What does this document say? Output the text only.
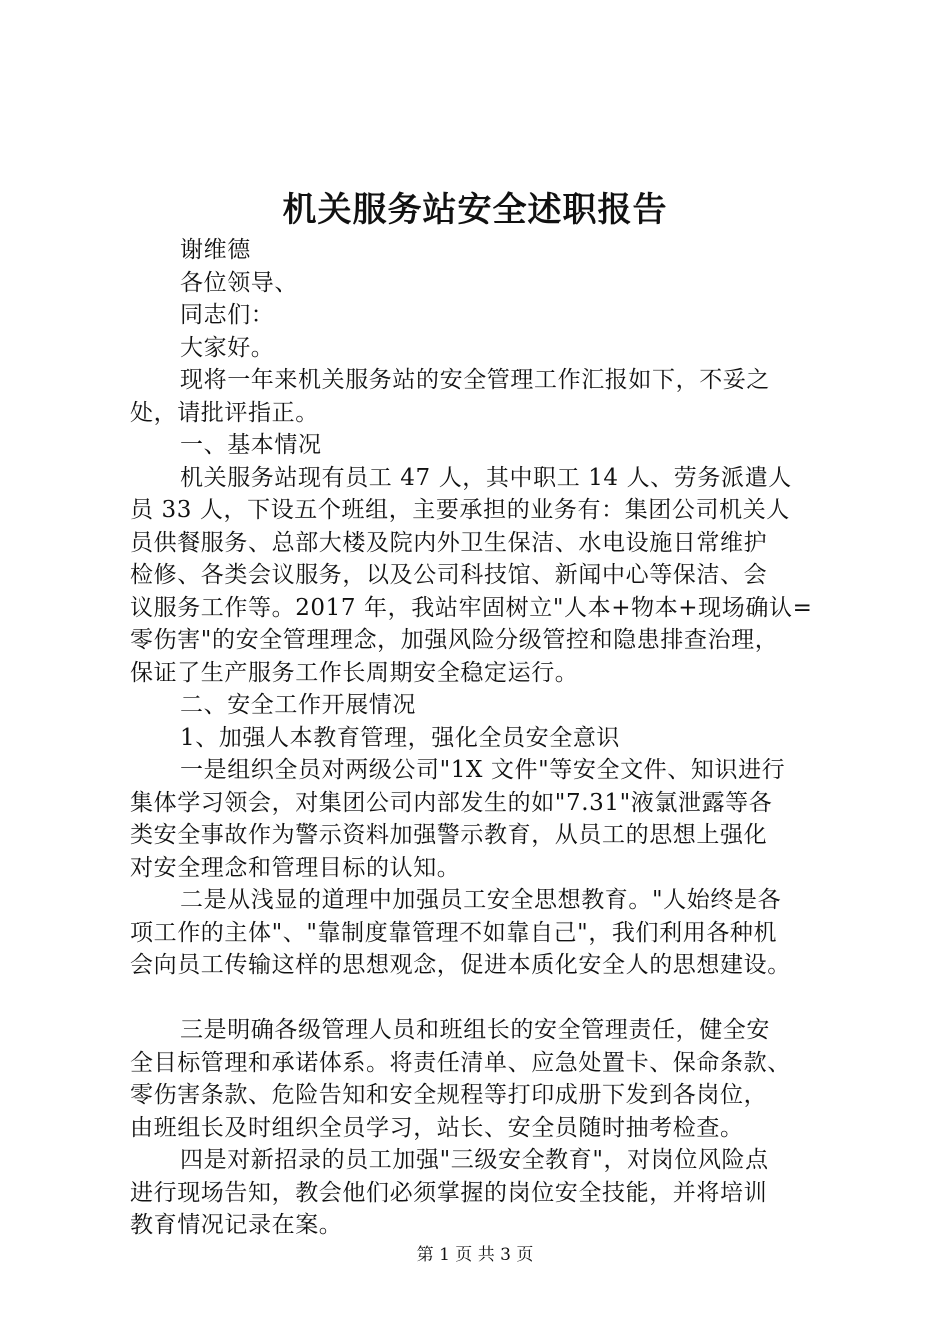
机关服务站安全述职报告
谢维德
各位领导、
同志们：
大家好。
现将一年来机关服务站的安全管理工作汇报如下，不妥之
处，请批评指正。
一、基本情况
机关服务站现有员工 47 人，其中职工 14 人、劳务派遣人
员 33 人，下设五个班组，主要承担的业务有：集团公司机关人
员供餐服务、总部大楼及院内外卫生保洁、水电设施日常维护
检修、各类会议服务，以及公司科技馆、新闻中心等保洁、会
议服务工作等。2017 年，我站牢固树立"人本+物本+现场确认=
零伤害"的安全管理理念，加强风险分级管控和隐患排查治理，
保证了生产服务工作长周期安全稳定运行。
二、安全工作开展情况
1、加强人本教育管理，强化全员安全意识
一是组织全员对两级公司"1X 文件"等安全文件、知识进行
集体学习领会，对集团公司内部发生的如"7.31"液氯泄露等各
类安全事故作为警示资料加强警示教育，从员工的思想上强化
对安全理念和管理目标的认知。
二是从浅显的道理中加强员工安全思想教育。"人始终是各
项工作的主体"、"靠制度靠管理不如靠自己"，我们利用各种机
会向员工传输这样的思想观念，促进本质化安全人的思想建设。
三是明确各级管理人员和班组长的安全管理责任，健全安
全目标管理和承诺体系。将责任清单、应急处置卡、保命条款、
零伤害条款、危险告知和安全规程等打印成册下发到各岗位，
由班组长及时组织全员学习，站长、安全员随时抽考检查。
四是对新招录的员工加强"三级安全教育"，对岗位风险点
进行现场告知，教会他们必须掌握的岗位安全技能，并将培训
教育情况记录在案。
第 1 页 共 3 页
